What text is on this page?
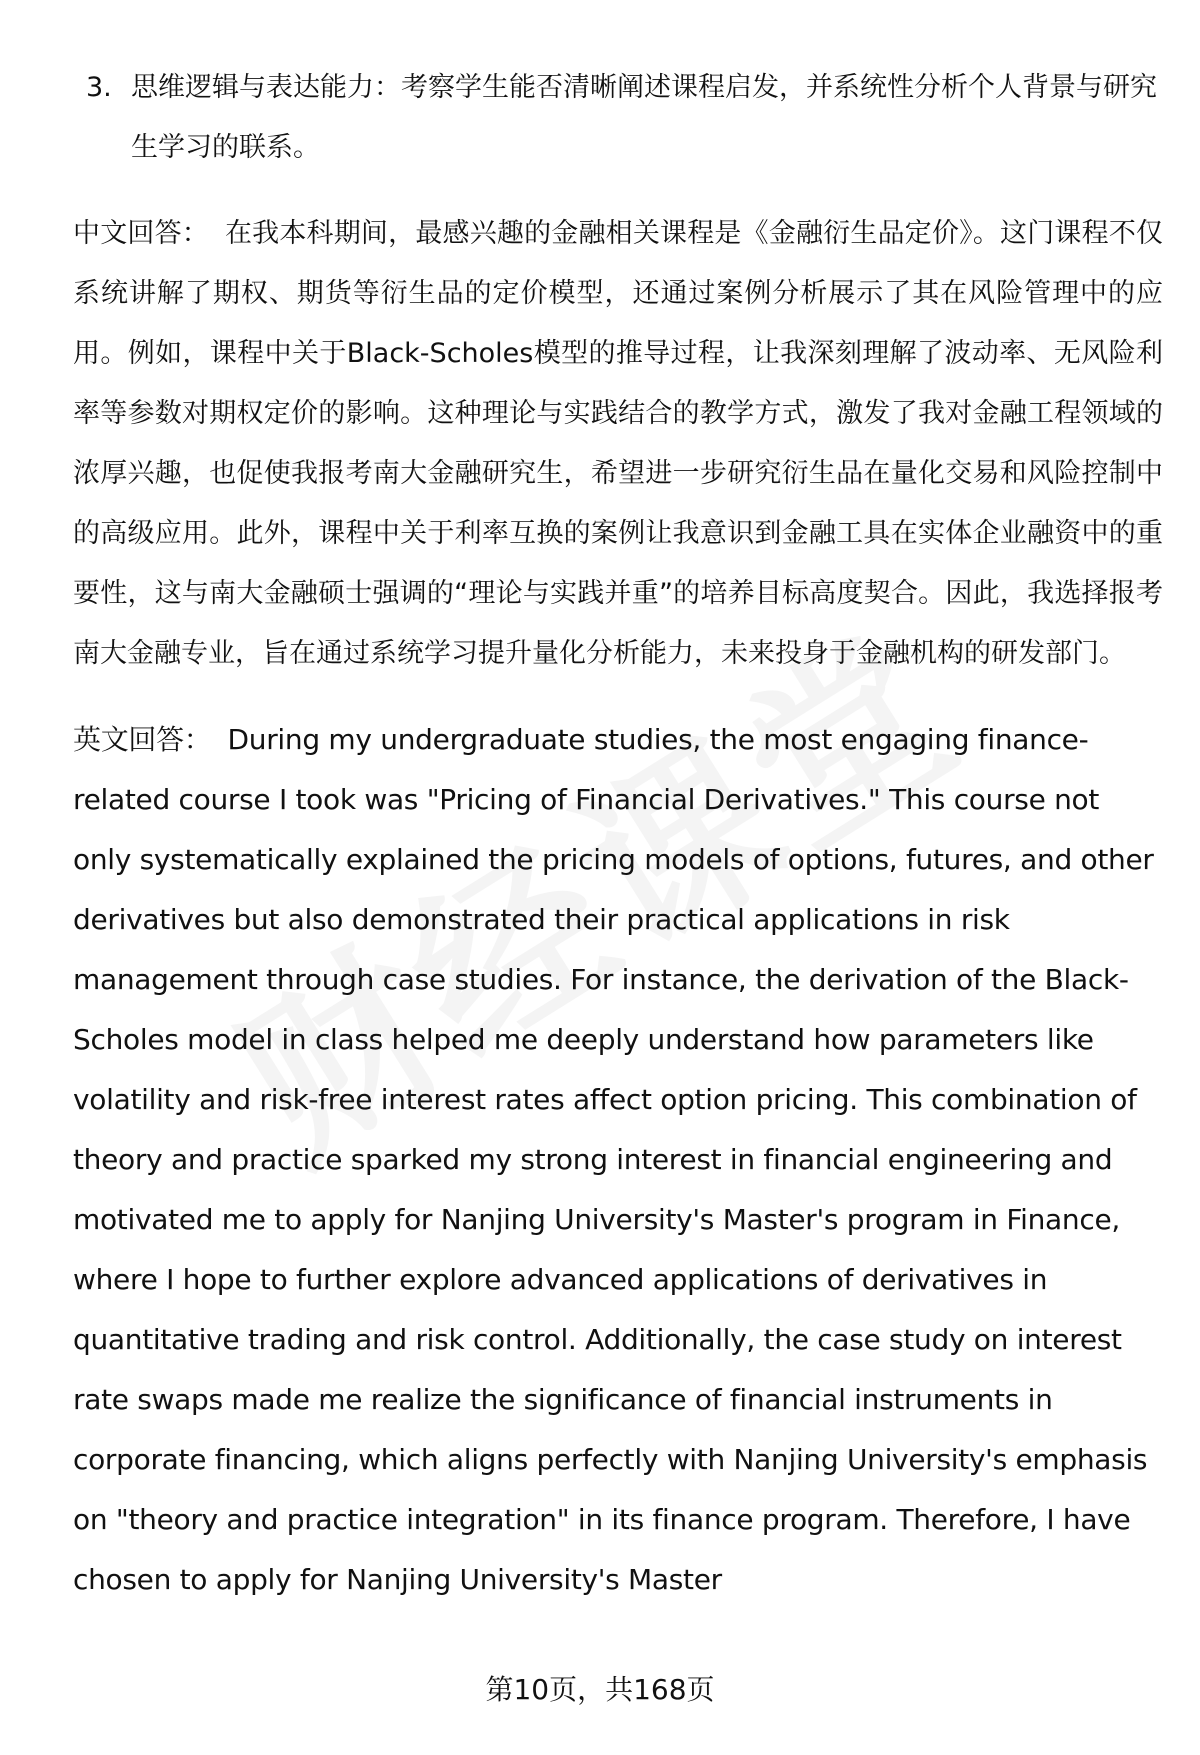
3. 思维逻辑与表达能力：考察学生能否清晰阐述课程启发，并系统性分析个人背景与研究生学习的联系。
中文回答： 在我本科期间，最感兴趣的金融相关课程是《金融衍生品定价》。这门课程不仅系统讲解了期权、期货等衍生品的定价模型，还通过案例分析展示了其在风险管理中的应用。例如，课程中关于Black-Scholes模型的推导过程，让我深刻理解了波动率、无风险利率等参数对期权定价的影响。这种理论与实践结合的教学方式，激发了我对金融工程领域的浓厚兴趣，也促使我报考南大金融研究生，希望进一步研究衍生品在量化交易和风险控制中的高级应用。此外，课程中关于利率互换的案例让我意识到金融工具在实体企业融资中的重要性，这与南大金融硕士强调的“理论与实践并重”的培养目标高度契合。因此，我选择报考南大金融专业，旨在通过系统学习提升量化分析能力，未来投身于金融机构的研发部门。
英文回答： During my undergraduate studies, the most engaging finance-related course I took was "Pricing of Financial Derivatives." This course not only systematically explained the pricing models of options, futures, and other derivatives but also demonstrated their practical applications in risk management through case studies. For instance, the derivation of the Black-Scholes model in class helped me deeply understand how parameters like volatility and risk-free interest rates affect option pricing. This combination of theory and practice sparked my strong interest in financial engineering and motivated me to apply for Nanjing University's Master's program in Finance, where I hope to further explore advanced applications of derivatives in quantitative trading and risk control. Additionally, the case study on interest rate swaps made me realize the significance of financial instruments in corporate financing, which aligns perfectly with Nanjing University's emphasis on "theory and practice integration" in its finance program. Therefore, I have chosen to apply for Nanjing University's Master
第10页，共168页
